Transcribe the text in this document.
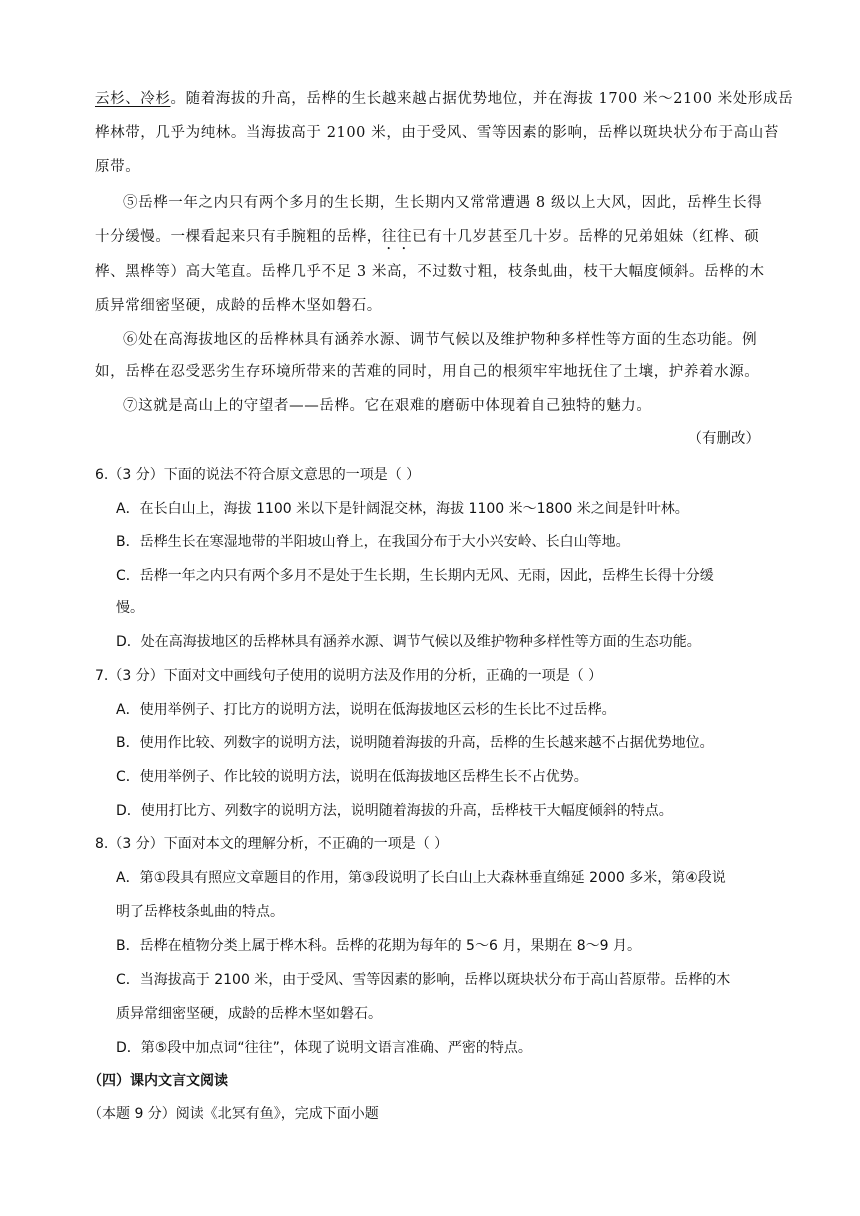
云杉、冷杉。随着海拔的升高，岳桦的生长越来越占据优势地位，并在海拔 1700 米～2100 米处形成岳
桦林带，几乎为纯林。当海拔高于 2100 米，由于受风、雪等因素的影响，岳桦以斑块状分布于高山苔
原带。
⑤岳桦一年之内只有两个多月的生长期，生长期内又常常遭遇 8 级以上大风，因此，岳桦生长得
十分缓慢。一棵看起来只有手腕粗的岳桦，往往已有十几岁甚至几十岁。岳桦的兄弟姐妹（红桦、硕
桦、黑桦等）高大笔直。岳桦几乎不足 3 米高，不过数寸粗，枝条虬曲，枝干大幅度倾斜。岳桦的木
质异常细密坚硬，成龄的岳桦木坚如磐石。
⑥处在高海拔地区的岳桦林具有涵养水源、调节气候以及维护物种多样性等方面的生态功能。例
如，岳桦在忍受恶劣生存环境所带来的苦难的同时，用自己的根须牢牢地抚住了土壤，护养着水源。
⑦这就是高山上的守望者——岳桦。它在艰难的磨砺中体现着自己独特的魅力。
（有删改）
6.（3 分）下面的说法不符合原文意思的一项是（ ）
A．在长白山上，海拔 1100 米以下是针阔混交林，海拔 1100 米～1800 米之间是针叶林。
B．岳桦生长在寒湿地带的半阳坡山脊上，在我国分布于大小兴安岭、长白山等地。
C．岳桦一年之内只有两个多月不是处于生长期，生长期内无风、无雨，因此，岳桦生长得十分缓
慢。
D．处在高海拔地区的岳桦林具有涵养水源、调节气候以及维护物种多样性等方面的生态功能。
7.（3 分）下面对文中画线句子使用的说明方法及作用的分析，正确的一项是（ ）
A．使用举例子、打比方的说明方法，说明在低海拔地区云杉的生长比不过岳桦。
B．使用作比较、列数字的说明方法，说明随着海拔的升高，岳桦的生长越来越不占据优势地位。
C．使用举例子、作比较的说明方法，说明在低海拔地区岳桦生长不占优势。
D．使用打比方、列数字的说明方法，说明随着海拔的升高，岳桦枝干大幅度倾斜的特点。
8.（3 分）下面对本文的理解分析，不正确的一项是（ ）
A．第①段具有照应文章题目的作用，第③段说明了长白山上大森林垂直绵延 2000 多米，第④段说
明了岳桦枝条虬曲的特点。
B．岳桦在植物分类上属于桦木科。岳桦的花期为每年的 5～6 月，果期在 8～9 月。
C．当海拔高于 2100 米，由于受风、雪等因素的影响，岳桦以斑块状分布于高山苔原带。岳桦的木
质异常细密坚硬，成龄的岳桦木坚如磐石。
D．第⑤段中加点词“往往”，体现了说明文语言准确、严密的特点。
（四）课内文言文阅读
（本题 9 分）阅读《北冥有鱼》，完成下面小题
